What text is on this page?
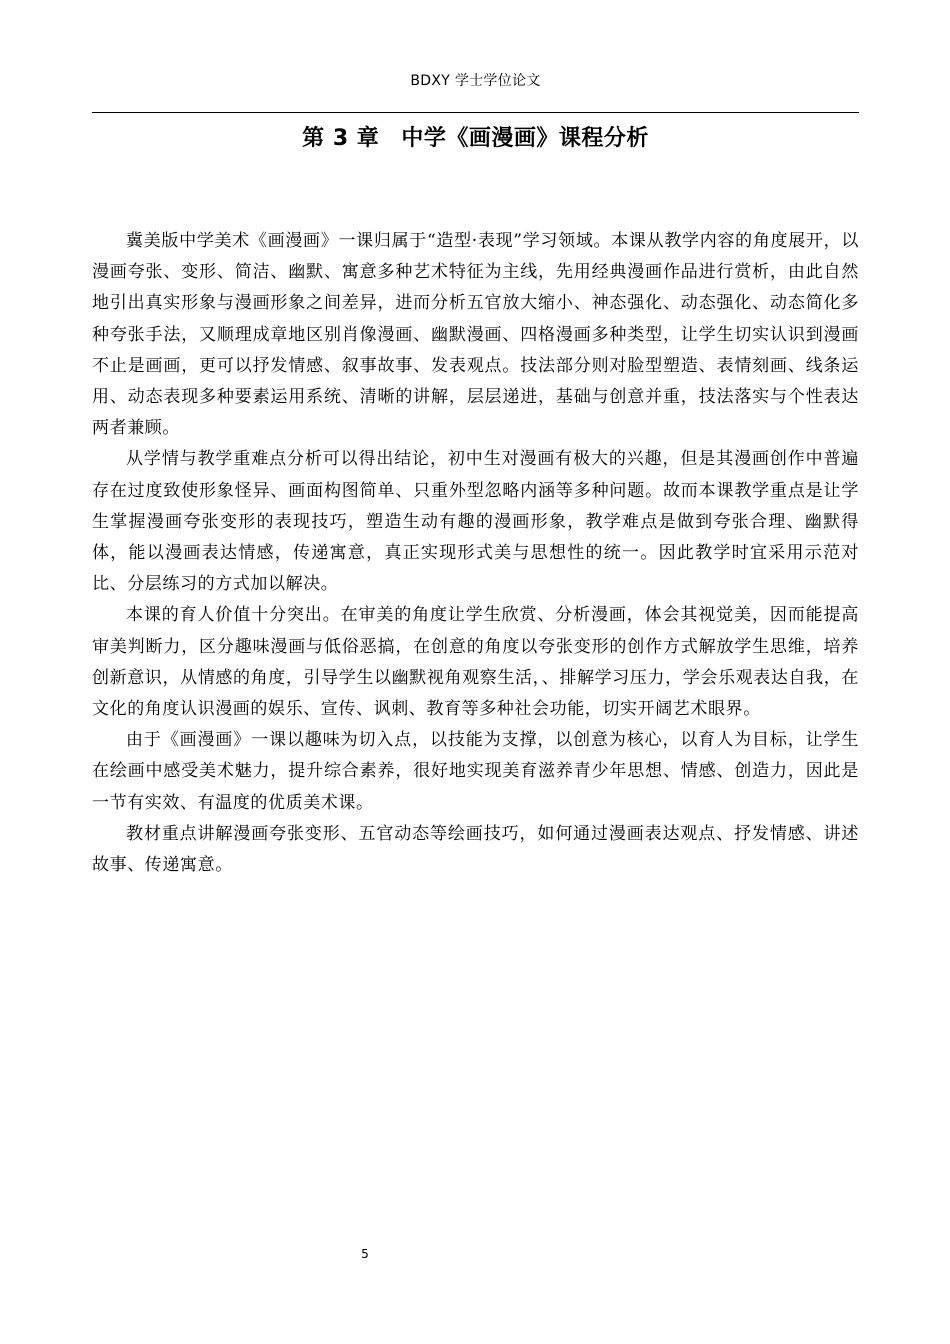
BDXY 学士学位论文
第 3 章 中学《画漫画》课程分析

冀美版中学美术《画漫画》一课归属于“造型·表现”学习领域。本课从教学内容的角度展开，以漫画夸张、变形、简洁、幽默、寓意多种艺术特征为主线，先用经典漫画作品进行赏析，由此自然地引出真实形象与漫画形象之间差异，进而分析五官放大缩小、神态强化、动态强化、动态简化多种夸张手法，又顺理成章地区别肖像漫画、幽默漫画、四格漫画多种类型，让学生切实认识到漫画不止是画画，更可以抒发情感、叙事故事、发表观点。技法部分则对脸型塑造、表情刻画、线条运用、动态表现多种要素运用系统、清晰的讲解，层层递进，基础与创意并重，技法落实与个性表达两者兼顾。

从学情与教学重难点分析可以得出结论，初中生对漫画有极大的兴趣，但是其漫画创作中普遍存在过度致使形象怪异、画面构图简单、只重外型忽略内涵等多种问题。故而本课教学重点是让学生掌握漫画夸张变形的表现技巧，塑造生动有趣的漫画形象，教学难点是做到夸张合理、幽默得体，能以漫画表达情感，传递寓意，真正实现形式美与思想性的统一。因此教学时宜采用示范对比、分层练习的方式加以解决。

本课的育人价值十分突出。在审美的角度让学生欣赏、分析漫画，体会其视觉美，因而能提高审美判断力，区分趣味漫画与低俗恶搞，在创意的角度以夸张变形的创作方式解放学生思维，培养创新意识，从情感的角度，引导学生以幽默视角观察生活，、排解学习压力，学会乐观表达自我，在文化的角度认识漫画的娱乐、宣传、讽刺、教育等多种社会功能，切实开阔艺术眼界。

由于《画漫画》一课以趣味为切入点，以技能为支撑，以创意为核心，以育人为目标，让学生在绘画中感受美术魅力，提升综合素养，很好地实现美育滋养青少年思想、情感、创造力，因此是一节有实效、有温度的优质美术课。

教材重点讲解漫画夸张变形、五官动态等绘画技巧，如何通过漫画表达观点、抒发情感、讲述故事、传递寓意。

5
